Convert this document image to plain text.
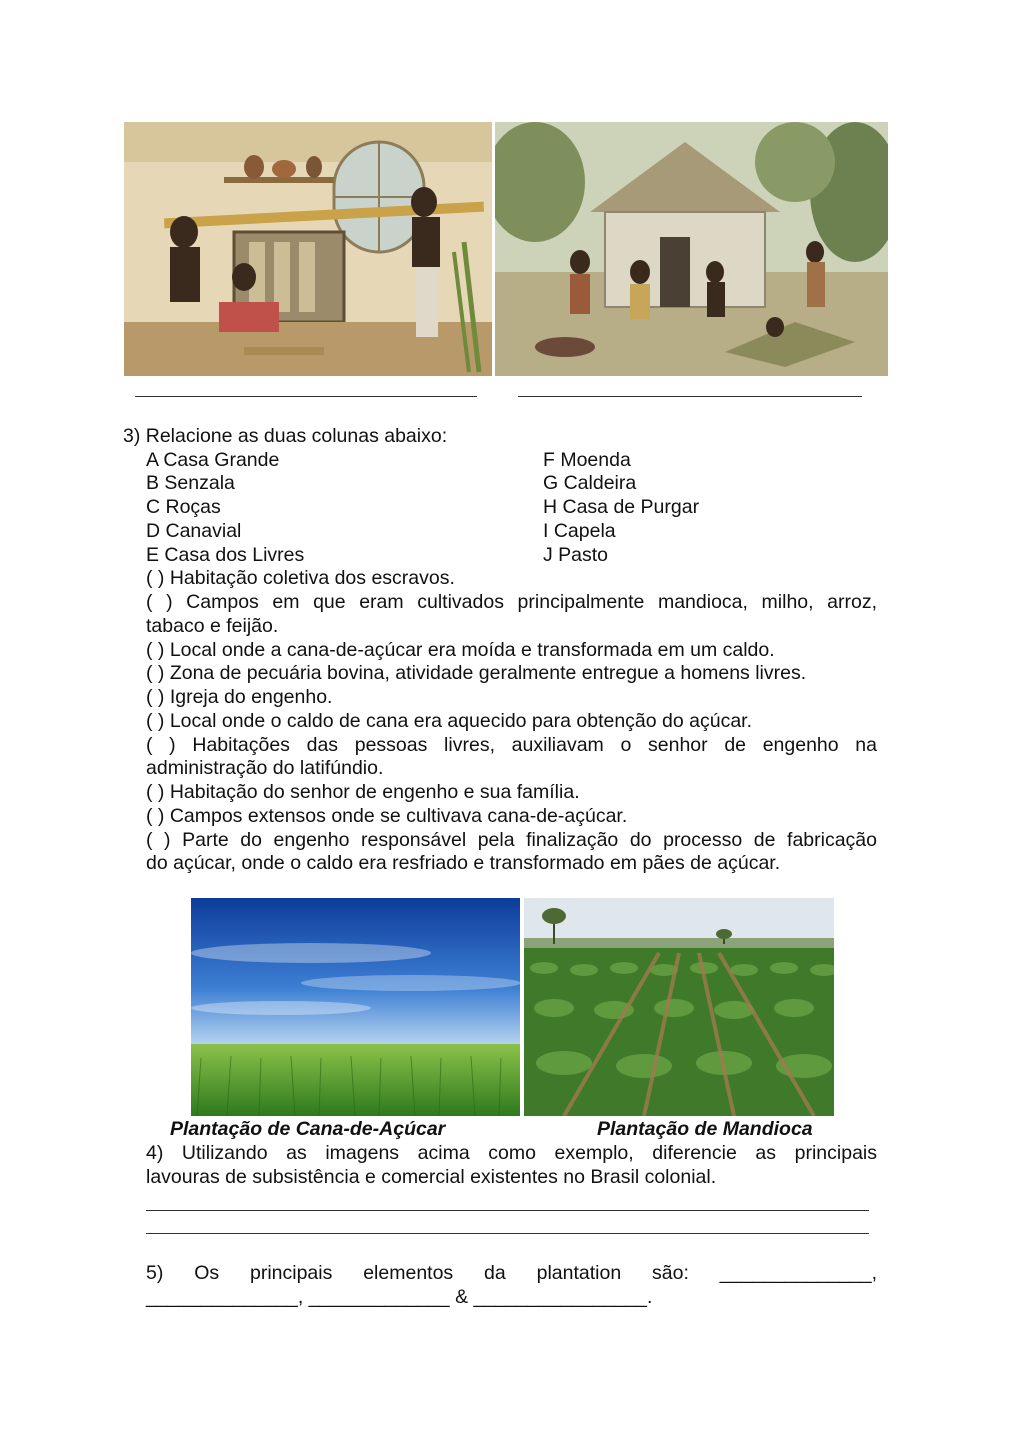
3) Relacione as duas colunas abaixo:
A Casa Grande
B Senzala
C Roças
D Canavial
E Casa dos Livres
F Moenda
G Caldeira
H Casa de Purgar
I Capela
J Pasto
( ) Habitação coletiva dos escravos.
( ) Campos em que eram cultivados principalmente mandioca, milho, arroz,
tabaco e feijão.
( ) Local onde a cana-de-açúcar era moída e transformada em um caldo.
( ) Zona de pecuária bovina, atividade geralmente entregue a homens livres.
( ) Igreja do engenho.
( ) Local onde o caldo de cana era aquecido para obtenção do açúcar.
( ) Habitações das pessoas livres, auxiliavam o senhor de engenho na
administração do latifúndio.
( ) Habitação do senhor de engenho e sua família.
( ) Campos extensos onde se cultivava cana-de-açúcar.
( ) Parte do engenho responsável pela finalização do processo de fabricação
do açúcar, onde o caldo era resfriado e transformado em pães de açúcar.
Plantação de Cana-de-Açúcar	Plantação de Mandioca
4) Utilizando as imagens acima como exemplo, diferencie as principais
lavouras de subsistência e comercial existentes no Brasil colonial.
5) Os principais elementos da plantation são: ______________,
______________, _____________ & ________________.
